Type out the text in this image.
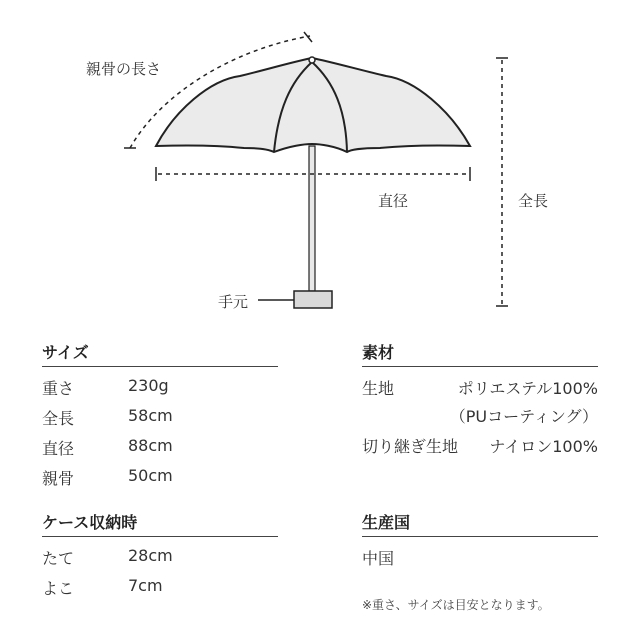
親骨の長さ
直径	全長
手元
サイズ
重さ	230g
全長	58cm
直径	88cm
親骨	50cm
ケース収納時
たて	28cm
よこ	7cm
素材
生地	ポリエステル100%
（PUコーティング）
切り継ぎ生地 ナイロン100%
生産国
中国
※重さ、サイズは目安となります。
